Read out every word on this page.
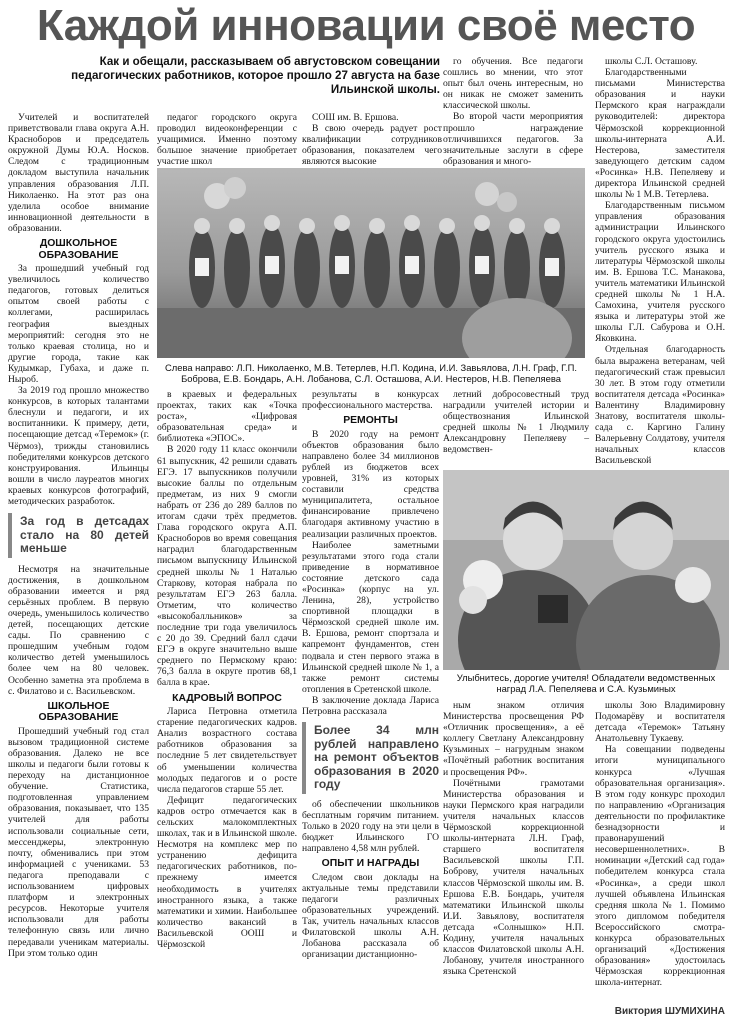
Каждой инновации своё место
Как и обещали, рассказываем об августовском совещании педагогических работников, которое прошло 27 августа на базе Ильинской школы.

Учителей и воспитателей приветствовали глава округа А.Н. Красноборов и председатель окружной Думы Ю.А. Носков. Следом с традиционным докладом выступила начальник управления образования Л.П. Николаенко. На этот раз она уделила особое внимание инновационной деятельности в образовании.

ДОШКОЛЬНОЕ ОБРАЗОВАНИЕ

За прошедший учебный год увеличилось количество педагогов, готовых делиться опытом своей работы с коллегами, расширилась география выездных мероприятий: сегодня это не только краевая столица, но и другие города, такие как Кудымкар, Губаха, и даже п. Ныроб.

За 2019 год прошло множество конкурсов, в которых талантами блеснули и педагоги, и их воспитанники. К примеру, дети, посещающие детсад «Теремок» (г. Чёрмоз), трижды становились победителями конкурсов детского конструирования. Ильинцы вошли в число лауреатов многих краевых конкурсов фотографий, методических разработок.

За год в детсадах стало на 80 детей меньше

Несмотря на значительные достижения, в дошкольном образовании имеется и ряд серьёзных проблем. В первую очередь, уменьшилось количество детей, посещающих детские сады. По сравнению с прошедшим учебным годом количество детей уменьшилось более чем на 80 человек. Особенно заметна эта проблема в с. Филатово и с. Васильевском.

ШКОЛЬНОЕ ОБРАЗОВАНИЕ

Прошедший учебный год стал вызовом традиционной системе образования. Далеко не все школы и педагоги были готовы к переходу на дистанционное обучение. Статистика, подготовленная управлением образования, показывает, что 135 учителей для работы использовали социальные сети, мессенджеры, электронную почту, обменивались при этом информацией с учениками. 53 педагога преподавали с использованием цифровых платформ и электронных ресурсов. Некоторые учителя использовали для работы телефонную связь или лично передавали ученикам материалы. При этом только один

педагог городского округа проводил видеоконференции с учащимися. Именно поэтому большое значение приобретает участие школ

СОШ им. В. Ершова.

В свою очередь радует рост квалификации сотрудников образования, показателем чего являются высокие

го обучения. Все педагоги сошлись во мнении, что этот опыт был очень интересным, но он никак не сможет заменить классической школы.

Во второй части мероприятия прошло награждение отличившихся педагогов. За значительные заслуги в сфере образования и много-

школы С.Л. Осташову.

Благодарственными письмами Министерства образования и науки Пермского края награждали руководителей: директора Чёрмозской коррекционной школы-интерната А.И. Нестерова, заместителя заведующего детским садом «Росинка» Н.В. Пепеляеву и директора Ильинской средней школы № 1 М.В. Тетерлева.

Благодарственным письмом управления образования администрации Ильинского городского округа удостоились учитель русского языка и литературы Чёрмозской школы им. В. Ершова Т.С. Манакова, учитель математики Ильинской средней школы № 1 Н.А. Самохина, учителя русского языка и литературы этой же школы Г.Л. Сабурова и О.Н. Яковкина.

Отдельная благодарность была выражена ветеранам, чей педагогический стаж превысил 30 лет. В этом году отметили воспитателя детсада «Росинка» Валентину Владимировну Знатову, воспитателя школы-сада с. Каргино Галину Валерьевну Солдатову, учителя начальных классов Васильевской

Слева направо: Л.П. Николаенко, М.В. Тетерлев, Н.П. Кодина, И.И. Завьялова, Л.Н. Граф, Г.П. Боброва, Е.В. Бондарь, А.Н. Лобанова, С.Л. Осташова, А.И. Нестеров, Н.В. Пепеляева

в краевых и федеральных проектах, таких как «Точка роста», «Цифровая образовательная среда» и библиотека «ЭПОС».

В 2020 году 11 класс окончили 61 выпускник, 42 решили сдавать ЕГЭ. 17 выпускников получили высокие баллы по отдельным предметам, из них 9 смогли набрать от 236 до 289 баллов по итогам сдачи трёх предметов. Глава городского округа А.П. Красноборов во время совещания наградил благодарственным письмом выпускницу Ильинской средней школы № 1 Наталью Старкову, которая набрала по результатам ЕГЭ 263 балла. Отметим, что количество «высокобалльников» за последние три года увеличилось с 20 до 39. Средний балл сдачи ЕГЭ в округе значительно выше среднего по Пермскому краю: 76,3 балла в округе против 68,1 балла в крае.

КАДРОВЫЙ ВОПРОС

Лариса Петровна отметила старение педагогических кадров. Анализ возрастного состава работников образования за последние 5 лет свидетельствует об уменьшении количества молодых педагогов и о росте числа педагогов старше 55 лет.

Дефицит педагогических кадров остро отмечается как в сельских малокомплектных школах, так и в Ильинской школе. Несмотря на комплекс мер по устранению дефицита педагогических работников, по-прежнему имеется необходимость в учителях иностранного языка, а также математики и химии. Наибольшее количество вакансий в Васильевской ООШ и Чёрмозской

результаты в конкурсах профессионального мастерства.

РЕМОНТЫ

В 2020 году на ремонт объектов образования было направлено более 34 миллионов рублей из бюджетов всех уровней, 31% из которых составили средства муниципалитета, остальное финансирование привлечено благодаря активному участию в реализации различных проектов.

Наиболее заметными результатами этого года стали приведение в нормативное состояние детского сада «Росинка» (корпус на ул. Ленина, 28), устройство спортивной площадки в Чёрмозской средней школе им. В. Ершова, ремонт спортзала и капремонт фундаментов, стен подвала и стен первого этажа в Ильинской средней школе № 1, а также ремонт системы отопления в Сретенской школе.

В заключение доклада Лариса Петровна рассказала

Более 34 млн рублей направлено на ремонт объектов образования в 2020 году

об обеспечении школьников бесплатным горячим питанием. Только в 2020 году на эти цели в бюджет Ильинского ГО направлено 4,58 млн рублей.

ОПЫТ И НАГРАДЫ

Следом свои доклады на актуальные темы представили педагоги различных образовательных учреждений. Так, учитель начальных классов Филатовской школы А.Н. Лобанова рассказала об организации дистанционно-

летний добросовестный труд наградили учителей истории и обществознания Ильинской средней школы № 1 Людмилу Александровну Пепеляеву – ведомствен-

Улыбнитесь, дорогие учителя! Обладатели ведомственных наград Л.А. Пепеляева и С.А. Кузьминых

ным знаком отличия Министерства просвещения РФ «Отличник просвещения», а её коллегу Светлану Александровну Кузьминых – нагрудным знаком «Почётный работник воспитания и просвещения РФ».

Почётными грамотами Министерства образования и науки Пермского края наградили учителя начальных классов Чёрмозской коррекционной школы-интерната Л.Н. Граф, старшего воспитателя Васильевской школы Г.П. Боброву, учителя начальных классов Чёрмозской школы им. В. Ершова Е.В. Бондарь, учителя математики Ильинской школы И.И. Завьялову, воспитателя детсада «Солнышко» Н.П. Кодину, учителя начальных классов Филатовской школы А.Н. Лобанову, учителя иностранного языка Сретенской

школы Зою Владимировну Подомарёву и воспитателя детсада «Теремок» Татьяну Анатольевну Тукаеву.

На совещании подведены итоги муниципального конкурса «Лучшая образовательная организация». В этом году конкурс проходил по направлению «Организация деятельности по профилактике безнадзорности и правонарушений несовершеннолетних». В номинации «Детский сад года» победителем конкурса стала «Росинка», а среди школ лучшей объявлена Ильинская средняя школа № 1. Помимо этого дипломом победителя Всероссийского смотра-конкурса образовательных организаций «Достижения образования» удостоилась Чёрмозская коррекционная школа-интернат.

Виктория ШУМИХИНА
